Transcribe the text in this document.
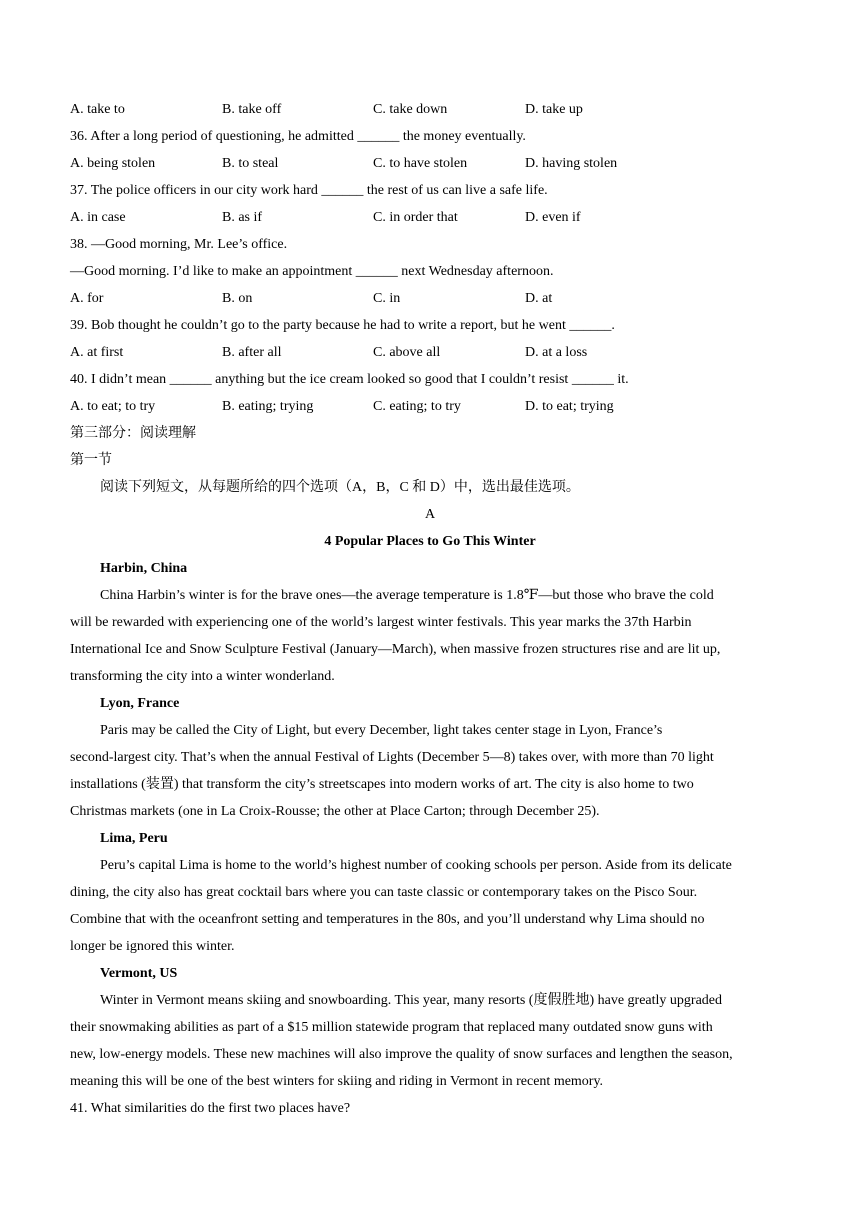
A. take to	B. take off	C. take down	D. take up
36. After a long period of questioning, he admitted ______ the money eventually.
A. being stolen	B. to steal	C. to have stolen	D. having stolen
37. The police officers in our city work hard ______ the rest of us can live a safe life.
A. in case	B. as if	C. in order that	D. even if
38. —Good morning, Mr. Lee’s office.
—Good morning. I’d like to make an appointment ______ next Wednesday afternoon.
A. for	B. on	C. in	D. at
39. Bob thought he couldn’t go to the party because he had to write a report, but he went ______.
A. at first	B. after all	C. above all	D. at a loss
40. I didn’t mean ______ anything but the ice cream looked so good that I couldn’t resist ______ it.
A. to eat; to try	B. eating; trying	C. eating; to try	D. to eat; trying
第三部分：阅读理解
第一节
阅读下列短文，从每题所给的四个选项（A，B，C 和 D）中，选出最佳选项。
A
4 Popular Places to Go This Winter
Harbin, China
China Harbin’s winter is for the brave ones—the average temperature is 1.8℉—but those who brave the cold
will be rewarded with experiencing one of the world’s largest winter festivals. This year marks the 37th Harbin
International Ice and Snow Sculpture Festival (January—March), when massive frozen structures rise and are lit up,
transforming the city into a winter wonderland.
Lyon, France
Paris may be called the City of Light, but every December, light takes center stage in Lyon, France’s
second-largest city. That’s when the annual Festival of Lights (December 5—8) takes over, with more than 70 light
installations (装置) that transform the city’s streetscapes into modern works of art. The city is also home to two
Christmas markets (one in La Croix-Rousse; the other at Place Carton; through December 25).
Lima, Peru
Peru’s capital Lima is home to the world’s highest number of cooking schools per person. Aside from its delicate
dining, the city also has great cocktail bars where you can taste classic or contemporary takes on the Pisco Sour.
Combine that with the oceanfront setting and temperatures in the 80s, and you’ll understand why Lima should no
longer be ignored this winter.
Vermont, US
Winter in Vermont means skiing and snowboarding. This year, many resorts (度假胜地) have greatly upgraded
their snowmaking abilities as part of a $15 million statewide program that replaced many outdated snow guns with
new, low-energy models. These new machines will also improve the quality of snow surfaces and lengthen the season,
meaning this will be one of the best winters for skiing and riding in Vermont in recent memory.
41. What similarities do the first two places have?
